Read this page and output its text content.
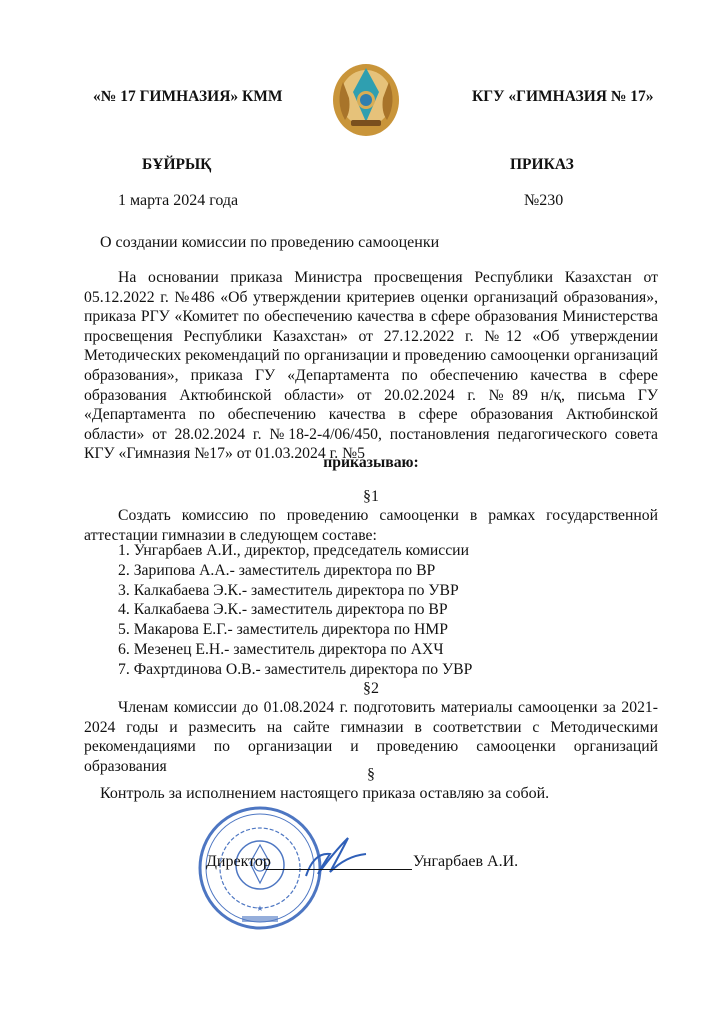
«№ 17 ГИМНАЗИЯ» КММ	КГУ «ГИМНАЗИЯ № 17»
БҰЙРЫҚ	ПРИКАЗ
1 марта 2024 года	№230
О создании комиссии по проведению самооценки
На основании приказа Министра просвещения Республики Казахстан от 05.12.2022 г. №486 «Об утверждении критериев оценки организаций образования», приказа РГУ «Комитет по обеспечению качества в сфере образования Министерства просвещения Республики Казахстан» от 27.12.2022 г. №12 «Об утверждении Методических рекомендаций по организации и проведению самооценки организаций образования», приказа ГУ «Департамента по обеспечению качества в сфере образования Актюбинской области» от 20.02.2024 г. №89 н/қ, письма ГУ «Департамента по обеспечению качества в сфере образования Актюбинской области» от 28.02.2024 г. №18-2-4/06/450, постановления педагогического совета КГУ «Гимназия №17» от 01.03.2024 г. №5
приказываю:
§1
Создать комиссию по проведению самооценки в рамках государственной аттестации гимназии в следующем составе:
1. Унгарбаев А.И., директор, председатель комиссии
2. Зарипова А.А.- заместитель директора по ВР
3. Калкабаева Э.К.- заместитель директора по УВР
4. Калкабаева Э.К.- заместитель директора по ВР
5. Макарова Е.Г.- заместитель директора по НМР
6. Мезенец Е.Н.- заместитель директора по АХЧ
7. Фахртдинова О.В.- заместитель директора по УВР
§2
Членам комиссии до 01.08.2024 г. подготовить материалы самооценки за 2021-2024 годы и размесить на сайте гимназии в соответствии с Методическими рекомендациями по организации и проведению самооценки организаций образования	§
Контроль за исполнением настоящего приказа оставляю за собой.
★
Директор	Унгарбаев А.И.
